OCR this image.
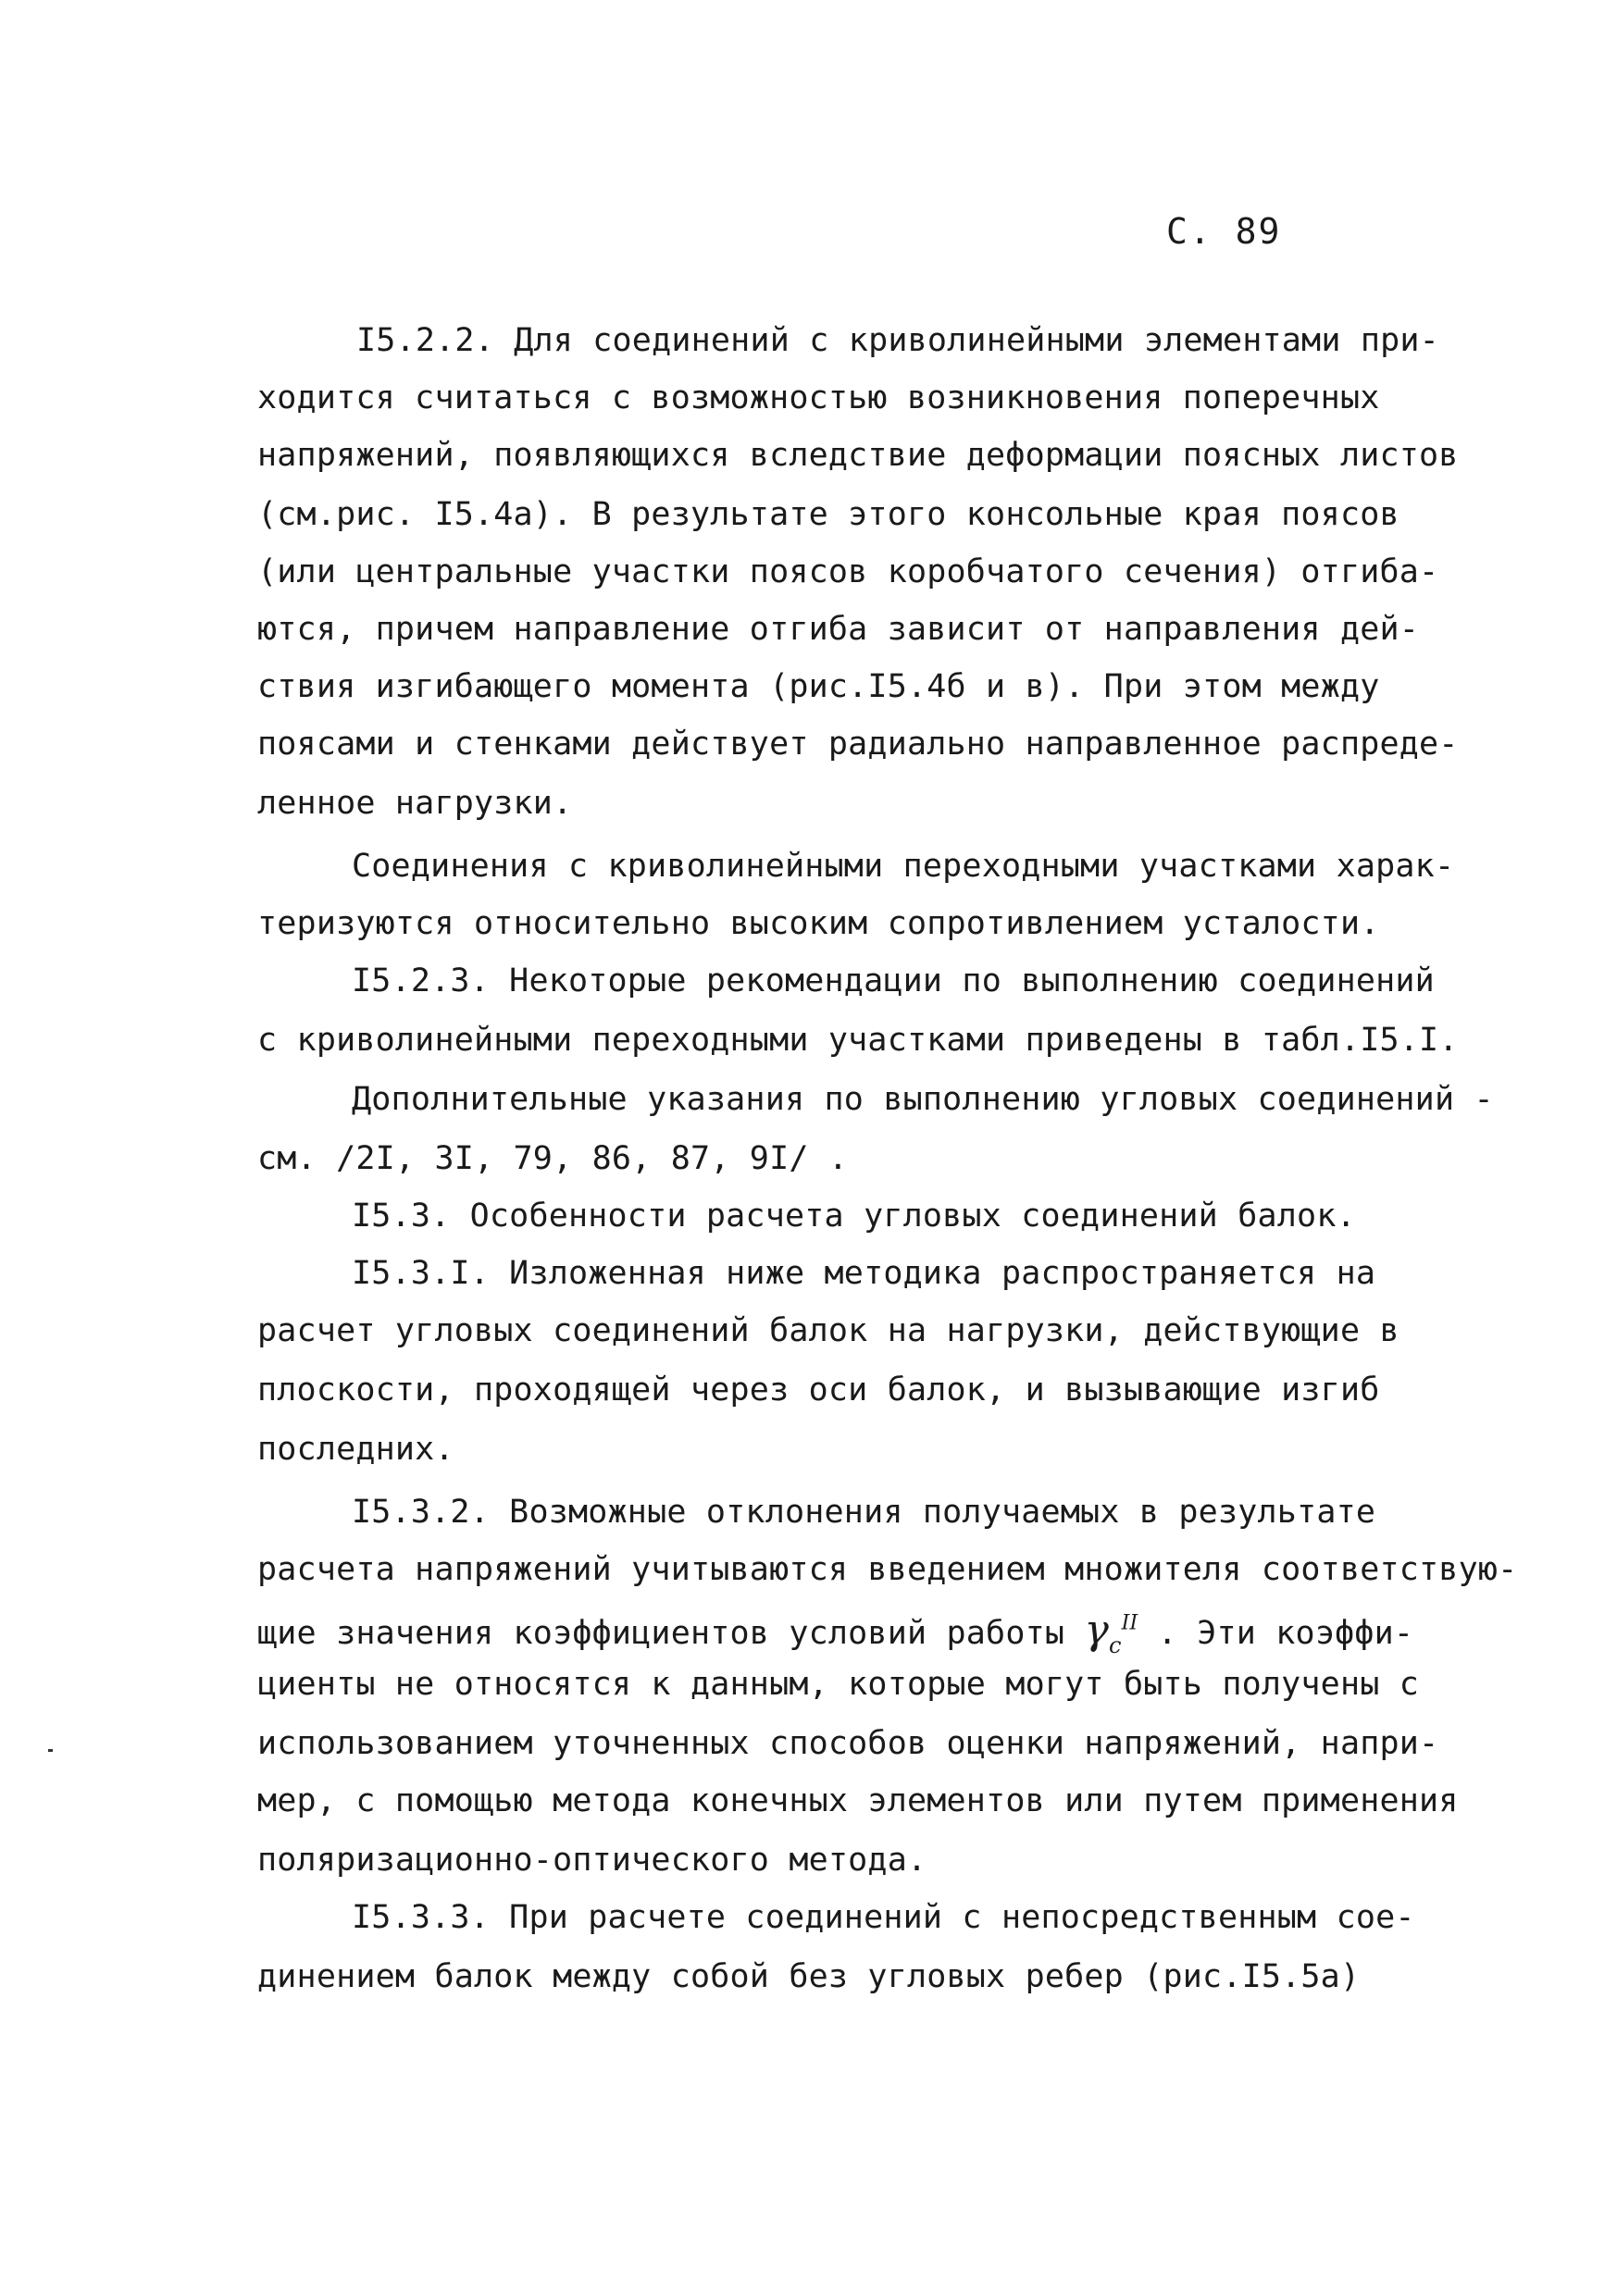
С. 89
I5.2.2. Для соединений с криволинейными элементами при-
ходится считаться с возможностью возникновения поперечных
напряжений, появляющихся вследствие деформации поясных листов
(см.рис. I5.4а). В результате этого консольные края поясов
(или центральные участки поясов коробчатого сечения) отгиба-
ются, причем направление отгиба зависит от направления дей-
ствия изгибающего момента (рис.I5.4б и в). При этом между
поясами и стенками действует радиально направленное распреде-
ленное нагрузки.
Соединения с криволинейными переходными участками харак-
теризуются относительно высоким сопротивлением усталости.
I5.2.3. Некоторые рекомендации по выполнению соединений
с криволинейными переходными участками приведены в табл.I5.I.
Дополнительные указания по выполнению угловых соединений -
см. /2I, 3I, 79, 86, 87, 9I/ .
I5.3. Особенности расчета угловых соединений балок.
I5.3.I. Изложенная ниже методика распространяется на
расчет угловых соединений балок на нагрузки, действующие в
плоскости, проходящей через оси балок, и вызывающие изгиб
последних.
I5.3.2. Возможные отклонения получаемых в результате
расчета напряжений учитываются введением множителя соответствую-
щие значения коэффициентов условий работы $\gamma_c^{II}$ . Эти коэффи-
циенты не относятся к данным, которые могут быть получены с
использованием уточненных способов оценки напряжений, напри-
мер, с помощью метода конечных элементов или путем применения
поляризационно-оптического метода.
I5.3.3. При расчете соединений с непосредственным сое-
динением балок между собой без угловых ребер (рис.I5.5а)
